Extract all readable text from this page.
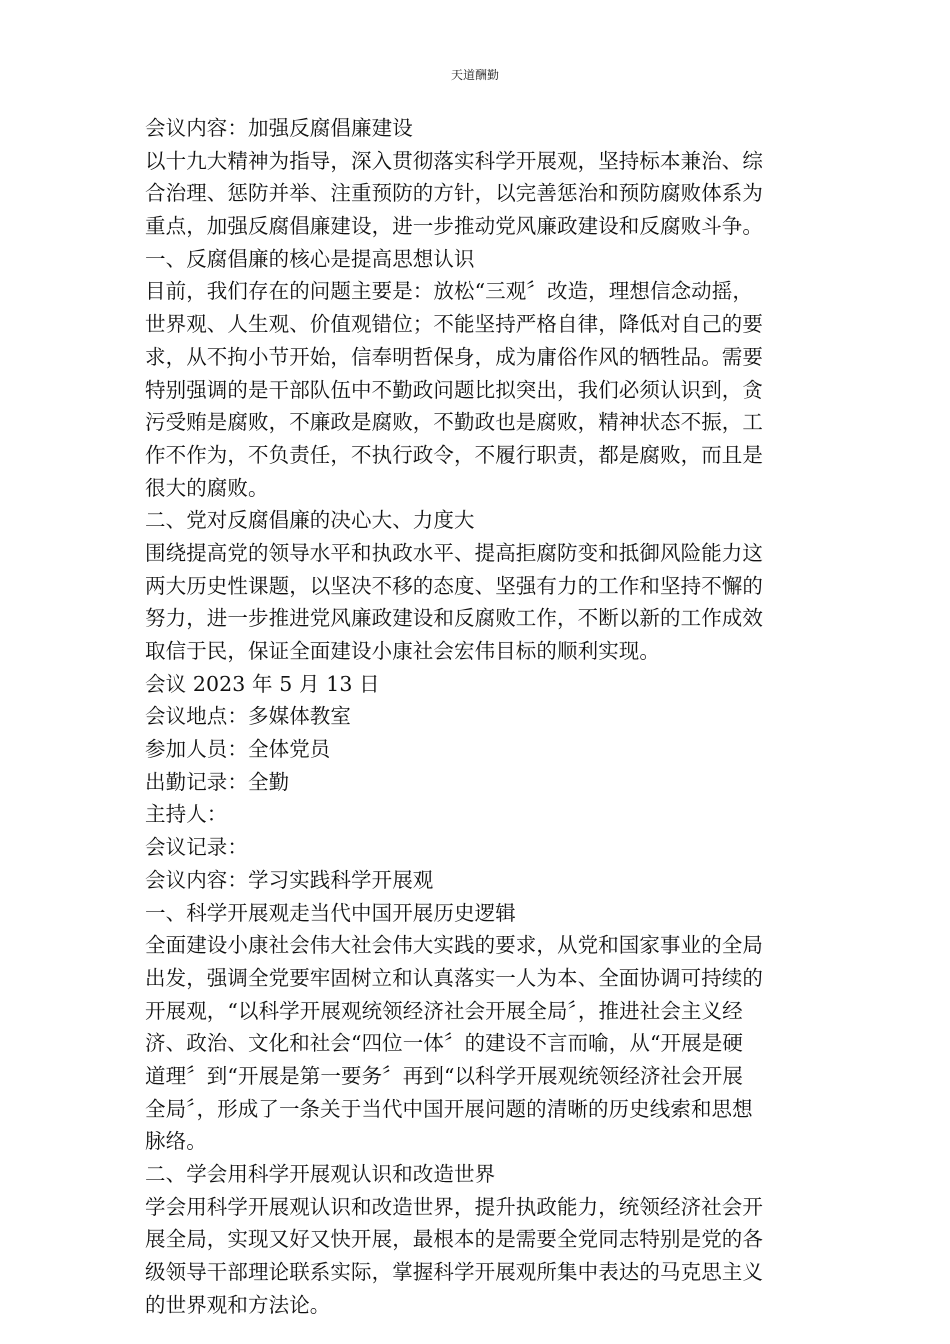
天道酬勤
会议内容：加强反腐倡廉建设
以十九大精神为指导，深入贯彻落实科学开展观，坚持标本兼治、综
合治理、惩防并举、注重预防的方针，以完善惩治和预防腐败体系为
重点，加强反腐倡廉建设，进一步推动党风廉政建设和反腐败斗争。
一、反腐倡廉的核心是提高思想认识
目前，我们存在的问题主要是：放松“三观〞改造，理想信念动摇，
世界观、人生观、价值观错位；不能坚持严格自律，降低对自己的要
求，从不拘小节开始，信奉明哲保身，成为庸俗作风的牺牲品。需要
特别强调的是干部队伍中不勤政问题比拟突出，我们必须认识到，贪
污受贿是腐败，不廉政是腐败，不勤政也是腐败，精神状态不振，工
作不作为，不负责任，不执行政令，不履行职责，都是腐败，而且是
很大的腐败。
二、党对反腐倡廉的决心大、力度大
围绕提高党的领导水平和执政水平、提高拒腐防变和抵御风险能力这
两大历史性课题，以坚决不移的态度、坚强有力的工作和坚持不懈的
努力，进一步推进党风廉政建设和反腐败工作，不断以新的工作成效
取信于民，保证全面建设小康社会宏伟目标的顺利实现。
会议 2023 年 5 月 13 日
会议地点：多媒体教室
参加人员：全体党员
出勤记录：全勤
主持人：
会议记录：
会议内容：学习实践科学开展观
一、科学开展观走当代中国开展历史逻辑
全面建设小康社会伟大社会伟大实践的要求，从党和国家事业的全局
出发，强调全党要牢固树立和认真落实一人为本、全面协调可持续的
开展观，“以科学开展观统领经济社会开展全局〞，推进社会主义经
济、政治、文化和社会“四位一体〞的建设不言而喻，从“开展是硬
道理〞到“开展是第一要务〞再到“以科学开展观统领经济社会开展
全局〞，形成了一条关于当代中国开展问题的清晰的历史线索和思想
脉络。
二、学会用科学开展观认识和改造世界
学会用科学开展观认识和改造世界，提升执政能力，统领经济社会开
展全局，实现又好又快开展，最根本的是需要全党同志特别是党的各
级领导干部理论联系实际，掌握科学开展观所集中表达的马克思主义
的世界观和方法论。
